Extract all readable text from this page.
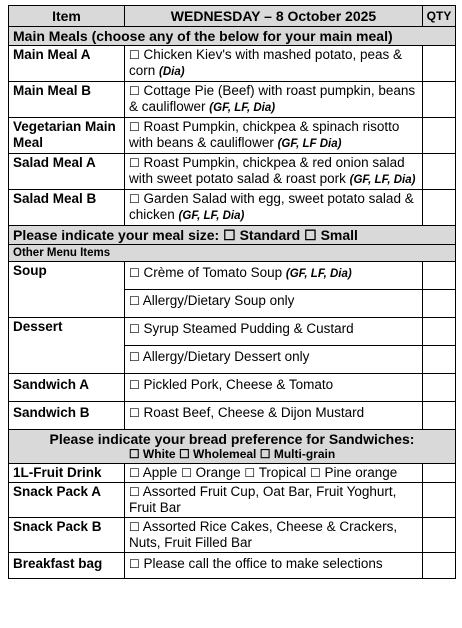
Item	WEDNESDAY – 8 October 2025	QTY
Main Meals (choose any of the below for your main meal)		
Main Meal A	☐ Chicken Kiev's with mashed potato, peas & corn (Dia)	
Main Meal B	☐ Cottage Pie (Beef) with roast pumpkin, beans & cauliflower (GF, LF, Dia)	
Vegetarian Main Meal	☐ Roast Pumpkin, chickpea & spinach risotto with beans & cauliflower (GF, LF Dia)	
Salad Meal A	☐ Roast Pumpkin, chickpea & red onion salad with sweet potato salad & roast pork (GF, LF, Dia)	
Salad Meal B	☐ Garden Salad with egg, sweet potato salad & chicken (GF, LF, Dia)	
Please indicate your meal size: ☐ Standard ☐ Small		
Other Menu Items		
Soup	☐ Crème of Tomato Soup (GF, LF, Dia)	
	☐ Allergy/Dietary Soup only	
Dessert	☐ Syrup Steamed Pudding & Custard	
	☐ Allergy/Dietary Dessert only	
Sandwich A	☐ Pickled Pork, Cheese & Tomato	
Sandwich B	☐ Roast Beef, Cheese & Dijon Mustard	
Please indicate your bread preference for Sandwiches:
☐ White ☐ Wholemeal ☐ Multi-grain		

1L-Fruit Drink	☐ Apple ☐ Orange ☐ Tropical ☐ Pine orange	
Snack Pack A	☐ Assorted Fruit Cup, Oat Bar, Fruit Yoghurt, Fruit Bar	
Snack Pack B	☐ Assorted Rice Cakes, Cheese & Crackers, Nuts, Fruit Filled Bar	
Breakfast bag	☐ Please call the office to make selections	
